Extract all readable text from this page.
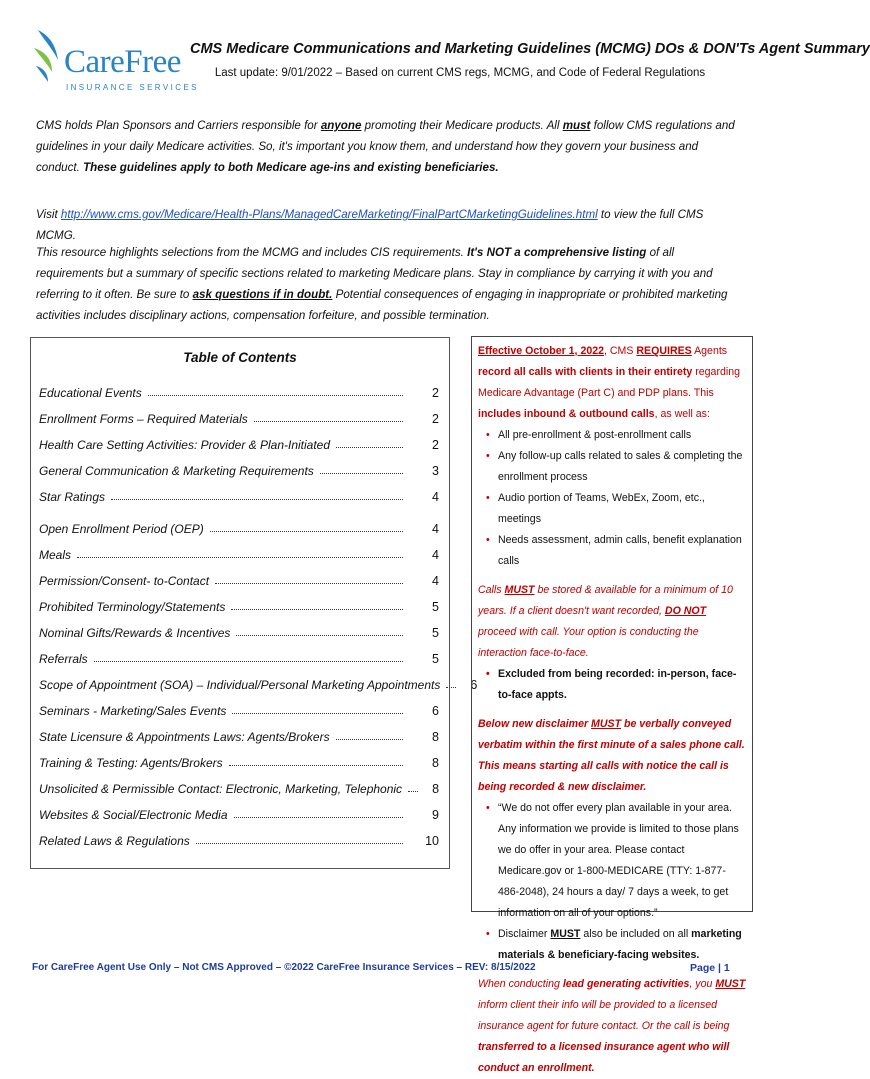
CareFree
INSURANCE SERVICES
CMS Medicare Communications and Marketing Guidelines (MCMG) DOs & DON'Ts Agent Summary
Last update: 9/01/2022 – Based on current CMS regs, MCMG, and Code of Federal Regulations
CMS holds Plan Sponsors and Carriers responsible for anyone promoting their Medicare products. All must follow CMS regulations and guidelines in your daily Medicare activities. So, it's important you know them, and understand how they govern your business and conduct. These guidelines apply to both Medicare age-ins and existing beneficiaries.
Visit http://www.cms.gov/Medicare/Health-Plans/ManagedCareMarketing/FinalPartCMarketingGuidelines.html to view the full CMS MCMG.
This resource highlights selections from the MCMG and includes CIS requirements. It's NOT a comprehensive listing of all requirements but a summary of specific sections related to marketing Medicare plans. Stay in compliance by carrying it with you and referring to it often. Be sure to ask questions if in doubt. Potential consequences of engaging in inappropriate or prohibited marketing activities includes disciplinary actions, compensation forfeiture, and possible termination.
Table of Contents
Educational Events	2
Enrollment Forms – Required Materials	2
Health Care Setting Activities: Provider & Plan-Initiated	2
General Communication & Marketing Requirements	3
Star Ratings	4
Open Enrollment Period (OEP)	4
Meals	4
Permission/Consent- to-Contact	4
Prohibited Terminology/Statements	5
Nominal Gifts/Rewards & Incentives	5
Referrals	5
Scope of Appointment (SOA) – Individual/Personal Marketing Appointments 6
Seminars - Marketing/Sales Events	6
State Licensure & Appointments Laws: Agents/Brokers	8
Training & Testing: Agents/Brokers	8
Unsolicited & Permissible Contact: Electronic, Marketing, Telephonic 8
Websites & Social/Electronic Media	9
Related Laws & Regulations	10

Effective October 1, 2022, CMS REQUIRES Agents record all calls with clients in their entirety regarding Medicare Advantage (Part C) and PDP plans. This includes inbound & outbound calls, as well as:

• All pre-enrollment & post-enrollment calls
• Any follow-up calls related to sales & completing the enrollment process
• Audio portion of Teams, WebEx, Zoom, etc., meetings
• Needs assessment, admin calls, benefit explanation calls

Calls MUST be stored & available for a minimum of 10 years. If a client doesn't want recorded, DO NOT proceed with call. Your option is conducting the interaction face-to-face.

• Excluded from being recorded: in-person, face-to-face appts.

Below new disclaimer MUST be verbally conveyed verbatim within the first minute of a sales phone call. This means starting all calls with notice the call is being recorded & new disclaimer.

• “We do not offer every plan available in your area. Any information we provide is limited to those plans we do offer in your area. Please contact Medicare.gov or 1-800-MEDICARE (TTY: 1-877-486-2048), 24 hours a day/ 7 days a week, to get information on all of your options.”
• Disclaimer MUST also be included on all marketing materials & beneficiary-facing websites.

When conducting lead generating activities, you MUST inform client their info will be provided to a licensed insurance agent for future contact. Or the call is being transferred to a licensed insurance agent who will conduct an enrollment.

For CareFree Agent Use Only – Not CMS Approved – ©2022 CareFree Insurance Services – REV: 8/15/2022	Page | 1
